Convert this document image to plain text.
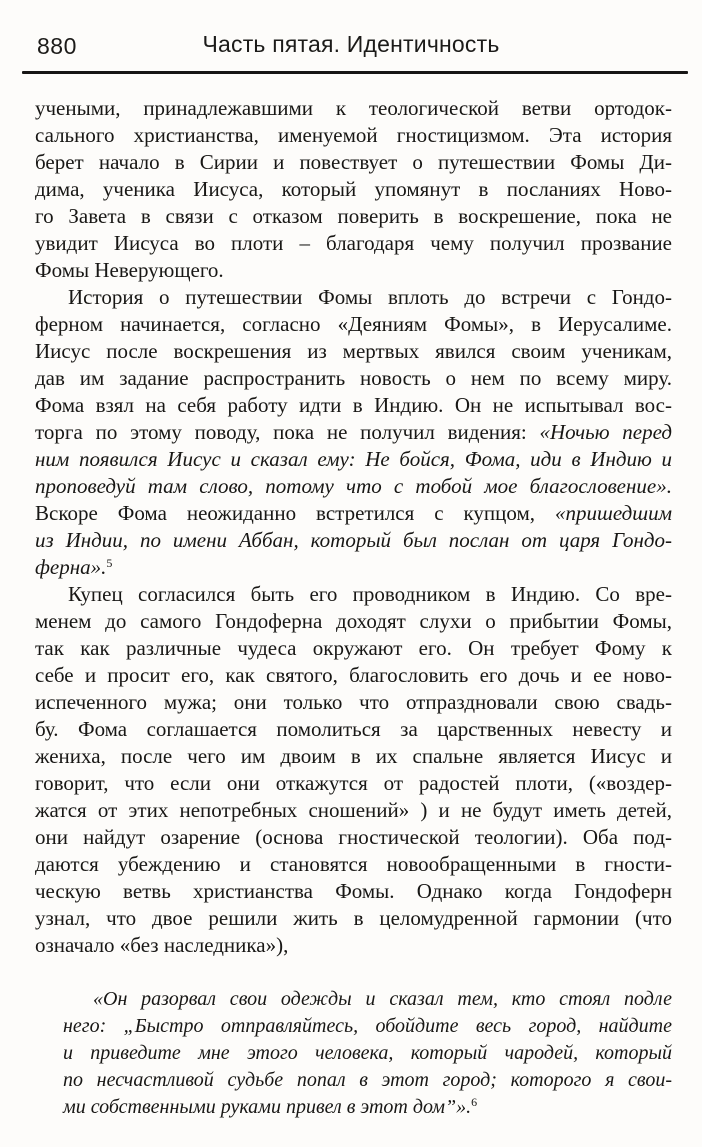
880	Часть пятая. Идентичность
учеными, принадлежавшими к теологической ветви ортодок-
сального христианства, именуемой гностицизмом. Эта история
берет начало в Сирии и повествует о путешествии Фомы Ди-
дима, ученика Иисуса, который упомянут в посланиях Ново-
го Завета в связи с отказом поверить в воскрешение, пока не
увидит Иисуса во плоти – благодаря чему получил прозвание
Фомы Неверующего.
История о путешествии Фомы вплоть до встречи с Гондо-
ферном начинается, согласно «Деяниям Фомы», в Иерусалиме.
Иисус после воскрешения из мертвых явился своим ученикам,
дав им задание распространить новость о нем по всему миру.
Фома взял на себя работу идти в Индию. Он не испытывал вос-
торга по этому поводу, пока не получил видения: «Ночью перед
ним появился Иисус и сказал ему: Не бойся, Фома, иди в Индию и
проповедуй там слово, потому что с тобой мое благословение».
Вскоре Фома неожиданно встретился с купцом, «пришедшим
из Индии, по имени Аббан, который был послан от царя Гондо-
ферна».$^5$
Купец согласился быть его проводником в Индию. Со вре-
менем до самого Гондоферна доходят слухи о прибытии Фомы,
так как различные чудеса окружают его. Он требует Фому к
себе и просит его, как святого, благословить его дочь и ее ново-
испеченного мужа; они только что отпраздновали свою свадь-
бу. Фома соглашается помолиться за царственных невесту и
жениха, после чего им двоим в их спальне является Иисус и
говорит, что если они откажутся от радостей плоти, («воздер-
жатся от этих непотребных сношений» ) и не будут иметь детей,
они найдут озарение (основа гностической теологии). Оба под-
даются убеждению и становятся новообращенными в гности-
ческую ветвь христианства Фомы. Однако когда Гондоферн
узнал, что двое решили жить в целомудренной гармонии (что
означало «без наследника»),
«Он разорвал свои одежды и сказал тем, кто стоял подле
него: „Быстро отправляйтесь, обойдите весь город, найдите
и приведите мне этого человека, который чародей, который
по несчастливой судьбе попал в этот город; которого я свои-
ми собственными руками привел в этот дом”».$^6$
